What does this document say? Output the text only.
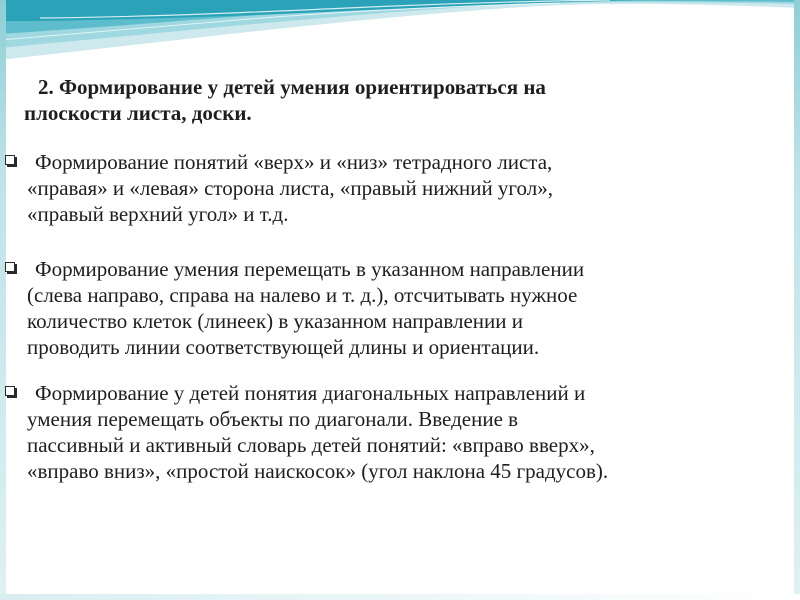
2. Формирование у детей умения ориентироваться на
плоскости листа, доски.
Формирование понятий «верх» и «низ» тетрадного листа,
«правая» и «левая» сторона листа, «правый нижний угол»,
«правый верхний угол» и т.д.
Формирование умения перемещать в указанном направлении
(слева направо, справа на налево и т. д.), отсчитывать нужное
количество клеток (линеек) в указанном направлении и
проводить линии соответствующей длины и ориентации.
Формирование у детей понятия диагональных направлений и
умения перемещать объекты по диагонали. Введение в
пассивный и активный словарь детей понятий: «вправо вверх»,
«вправо вниз», «простой наискосок» (угол наклона 45 градусов).
